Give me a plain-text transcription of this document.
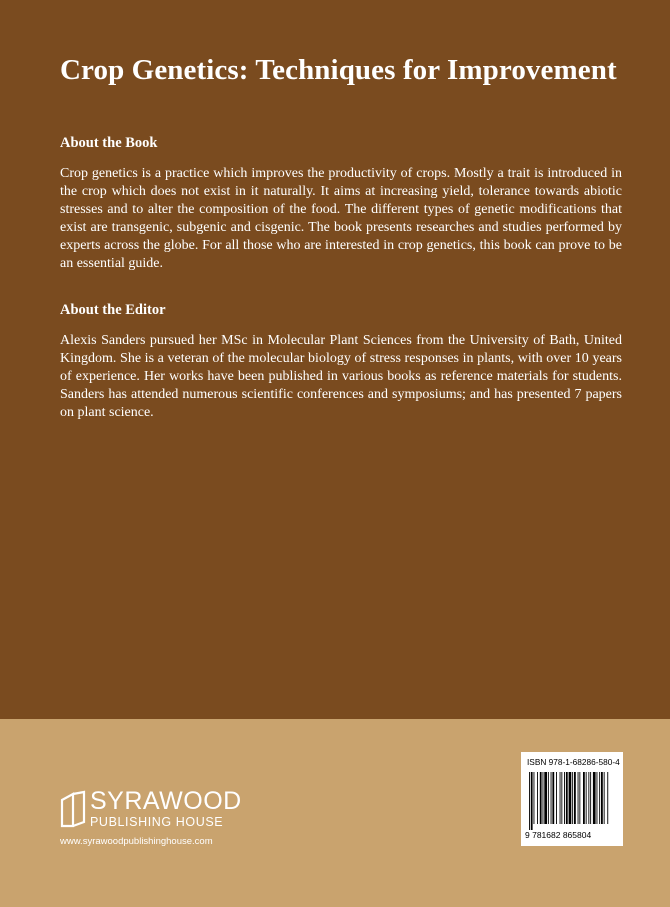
Crop Genetics: Techniques for Improvement
About the Book
Crop genetics is a practice which improves the productivity of crops. Mostly a trait is introduced in the crop which does not exist in it naturally. It aims at increasing yield, tolerance towards abiotic stresses and to alter the composition of the food. The different types of genetic modifications that exist are transgenic, subgenic and cisgenic. The book presents researches and studies performed by experts across the globe. For all those who are interested in crop genetics, this book can prove to be an essential guide.
About the Editor
Alexis Sanders pursued her MSc in Molecular Plant Sciences from the University of Bath, United Kingdom. She is a veteran of the molecular biology of stress responses in plants, with over 10 years of experience. Her works have been published in various books as reference materials for students. Sanders has attended numerous scientific conferences and symposiums; and has presented 7 papers on plant science.
SYRAWOOD
PUBLISHING HOUSE
www.syrawoodpublishinghouse.com
ISBN 978-1-68286-580-4
9 781682 865804
